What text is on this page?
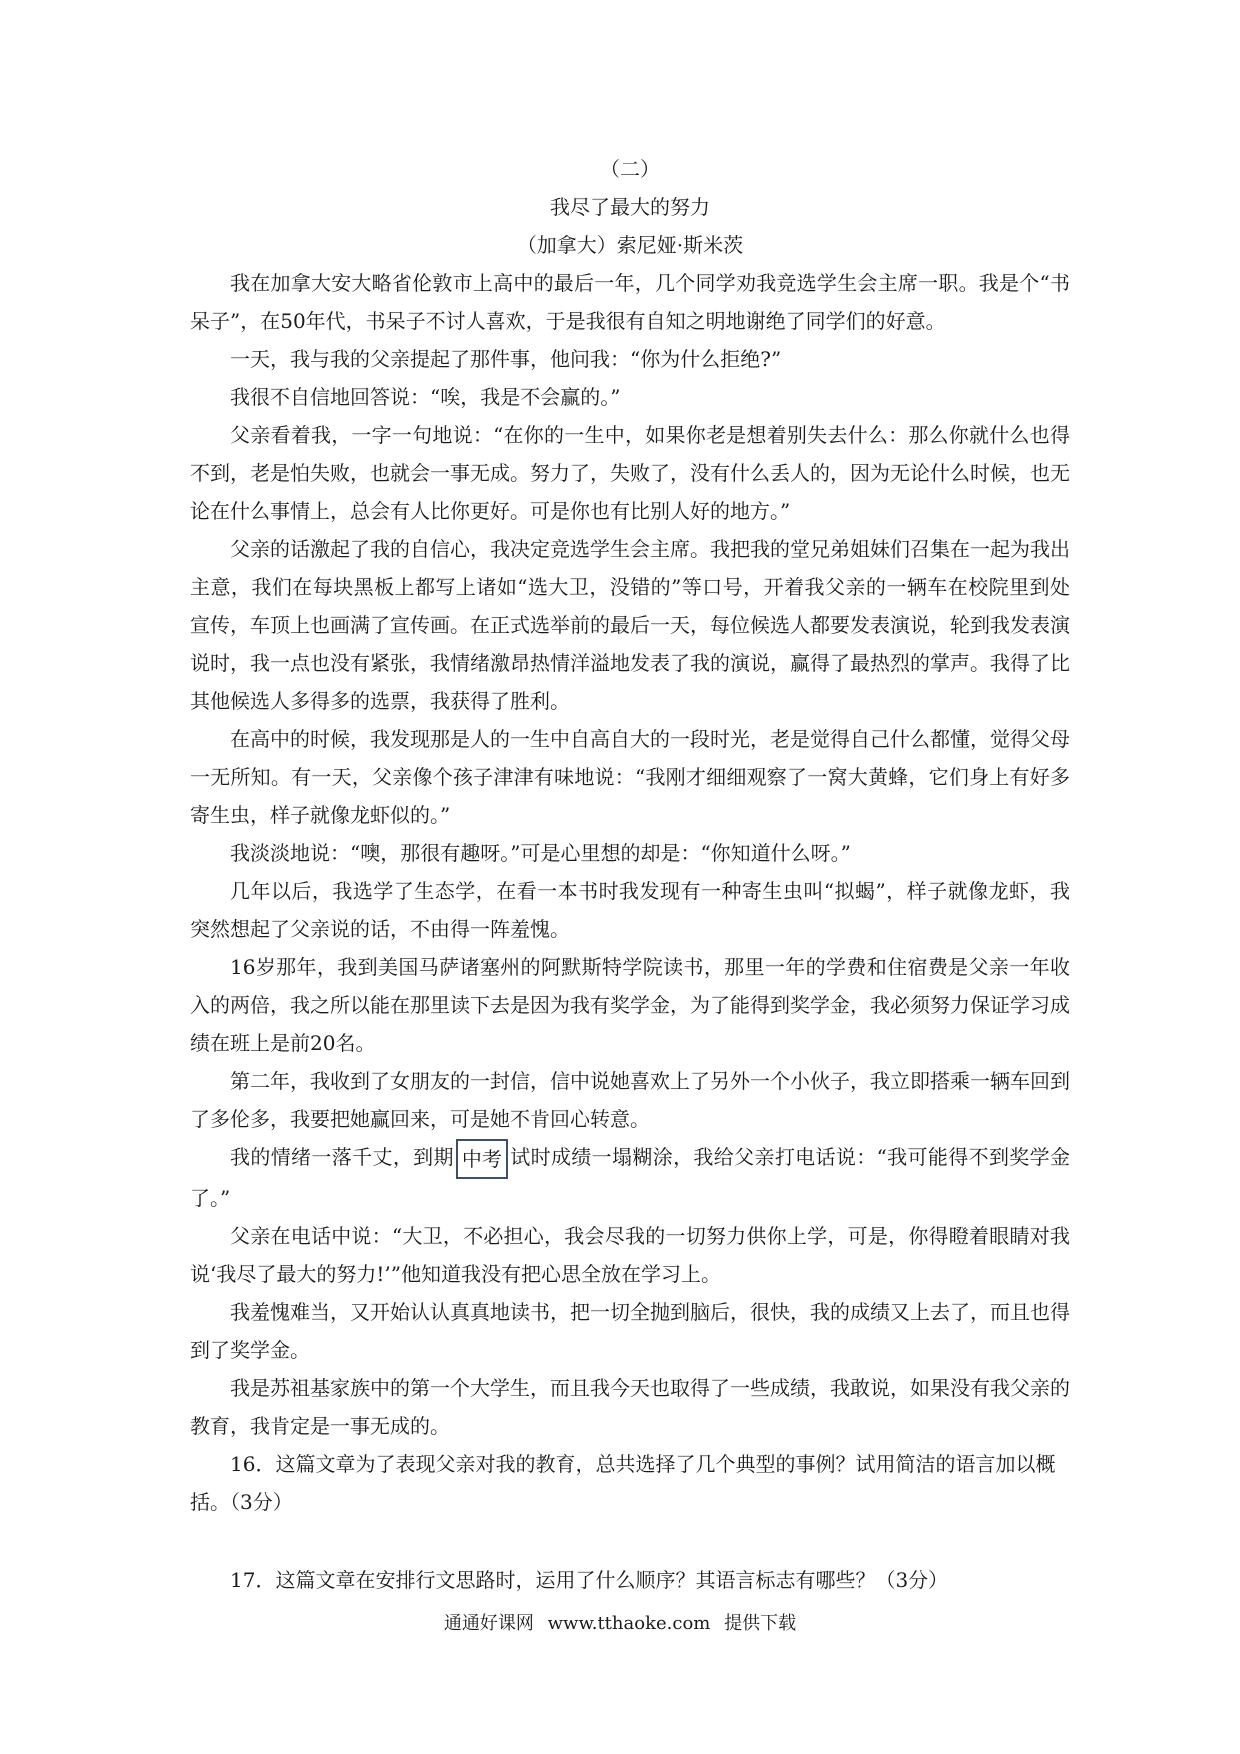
（二）
我尽了最大的努力
（加拿大）索尼娅·斯米茨

我在加拿大安大略省伦敦市上高中的最后一年，几个同学劝我竞选学生会主席一职。我是个“书呆子”，在50年代，书呆子不讨人喜欢，于是我很有自知之明地谢绝了同学们的好意。

一天，我与我的父亲提起了那件事，他问我：“你为什么拒绝?”

我很不自信地回答说：“唉，我是不会赢的。”

父亲看着我，一字一句地说：“在你的一生中，如果你老是想着别失去什么：那么你就什么也得不到，老是怕失败，也就会一事无成。努力了，失败了，没有什么丢人的，因为无论什么时候，也无论在什么事情上，总会有人比你更好。可是你也有比别人好的地方。”

父亲的话激起了我的自信心，我决定竞选学生会主席。我把我的堂兄弟姐妹们召集在一起为我出主意，我们在每块黑板上都写上诸如“选大卫，没错的”等口号，开着我父亲的一辆车在校院里到处宣传，车顶上也画满了宣传画。在正式选举前的最后一天，每位候选人都要发表演说，轮到我发表演说时，我一点也没有紧张，我情绪激昂热情洋溢地发表了我的演说，赢得了最热烈的掌声。我得了比其他候选人多得多的选票，我获得了胜利。

在高中的时候，我发现那是人的一生中自高自大的一段时光，老是觉得自己什么都懂，觉得父母一无所知。有一天，父亲像个孩子津津有味地说：“我刚才细细观察了一窝大黄蜂，它们身上有好多寄生虫，样子就像龙虾似的。”

我淡淡地说：“噢，那很有趣呀。”可是心里想的却是：“你知道什么呀。”

几年以后，我选学了生态学，在看一本书时我发现有一种寄生虫叫“拟蝎”，样子就像龙虾，我突然想起了父亲说的话，不由得一阵羞愧。

16岁那年，我到美国马萨诸塞州的阿默斯特学院读书，那里一年的学费和住宿费是父亲一年收入的两倍，我之所以能在那里读下去是因为我有奖学金，为了能得到奖学金，我必须努力保证学习成绩在班上是前20名。

第二年，我收到了女朋友的一封信，信中说她喜欢上了另外一个小伙子，我立即搭乘一辆车回到了多伦多，我要把她赢回来，可是她不肯回心转意。

我的情绪一落千丈，到期 中考 试时成绩一塌糊涂，我给父亲打电话说：“我可能得不到奖学金了。”

父亲在电话中说：“大卫，不必担心，我会尽我的一切努力供你上学，可是，你得瞪着眼睛对我说‘我尽了最大的努力!’”他知道我没有把心思全放在学习上。

我羞愧难当，又开始认认真真地读书，把一切全抛到脑后，很快，我的成绩又上去了，而且也得到了奖学金。

我是苏祖基家族中的第一个大学生，而且我今天也取得了一些成绩，我敢说，如果没有我父亲的教育，我肯定是一事无成的。

16．这篇文章为了表现父亲对我的教育，总共选择了几个典型的事例？试用简洁的语言加以概括。（3分）

17．这篇文章在安排行文思路时，运用了什么顺序？其语言标志有哪些？（3分）

通通好课网 www.tthaoke.com 提供下载
